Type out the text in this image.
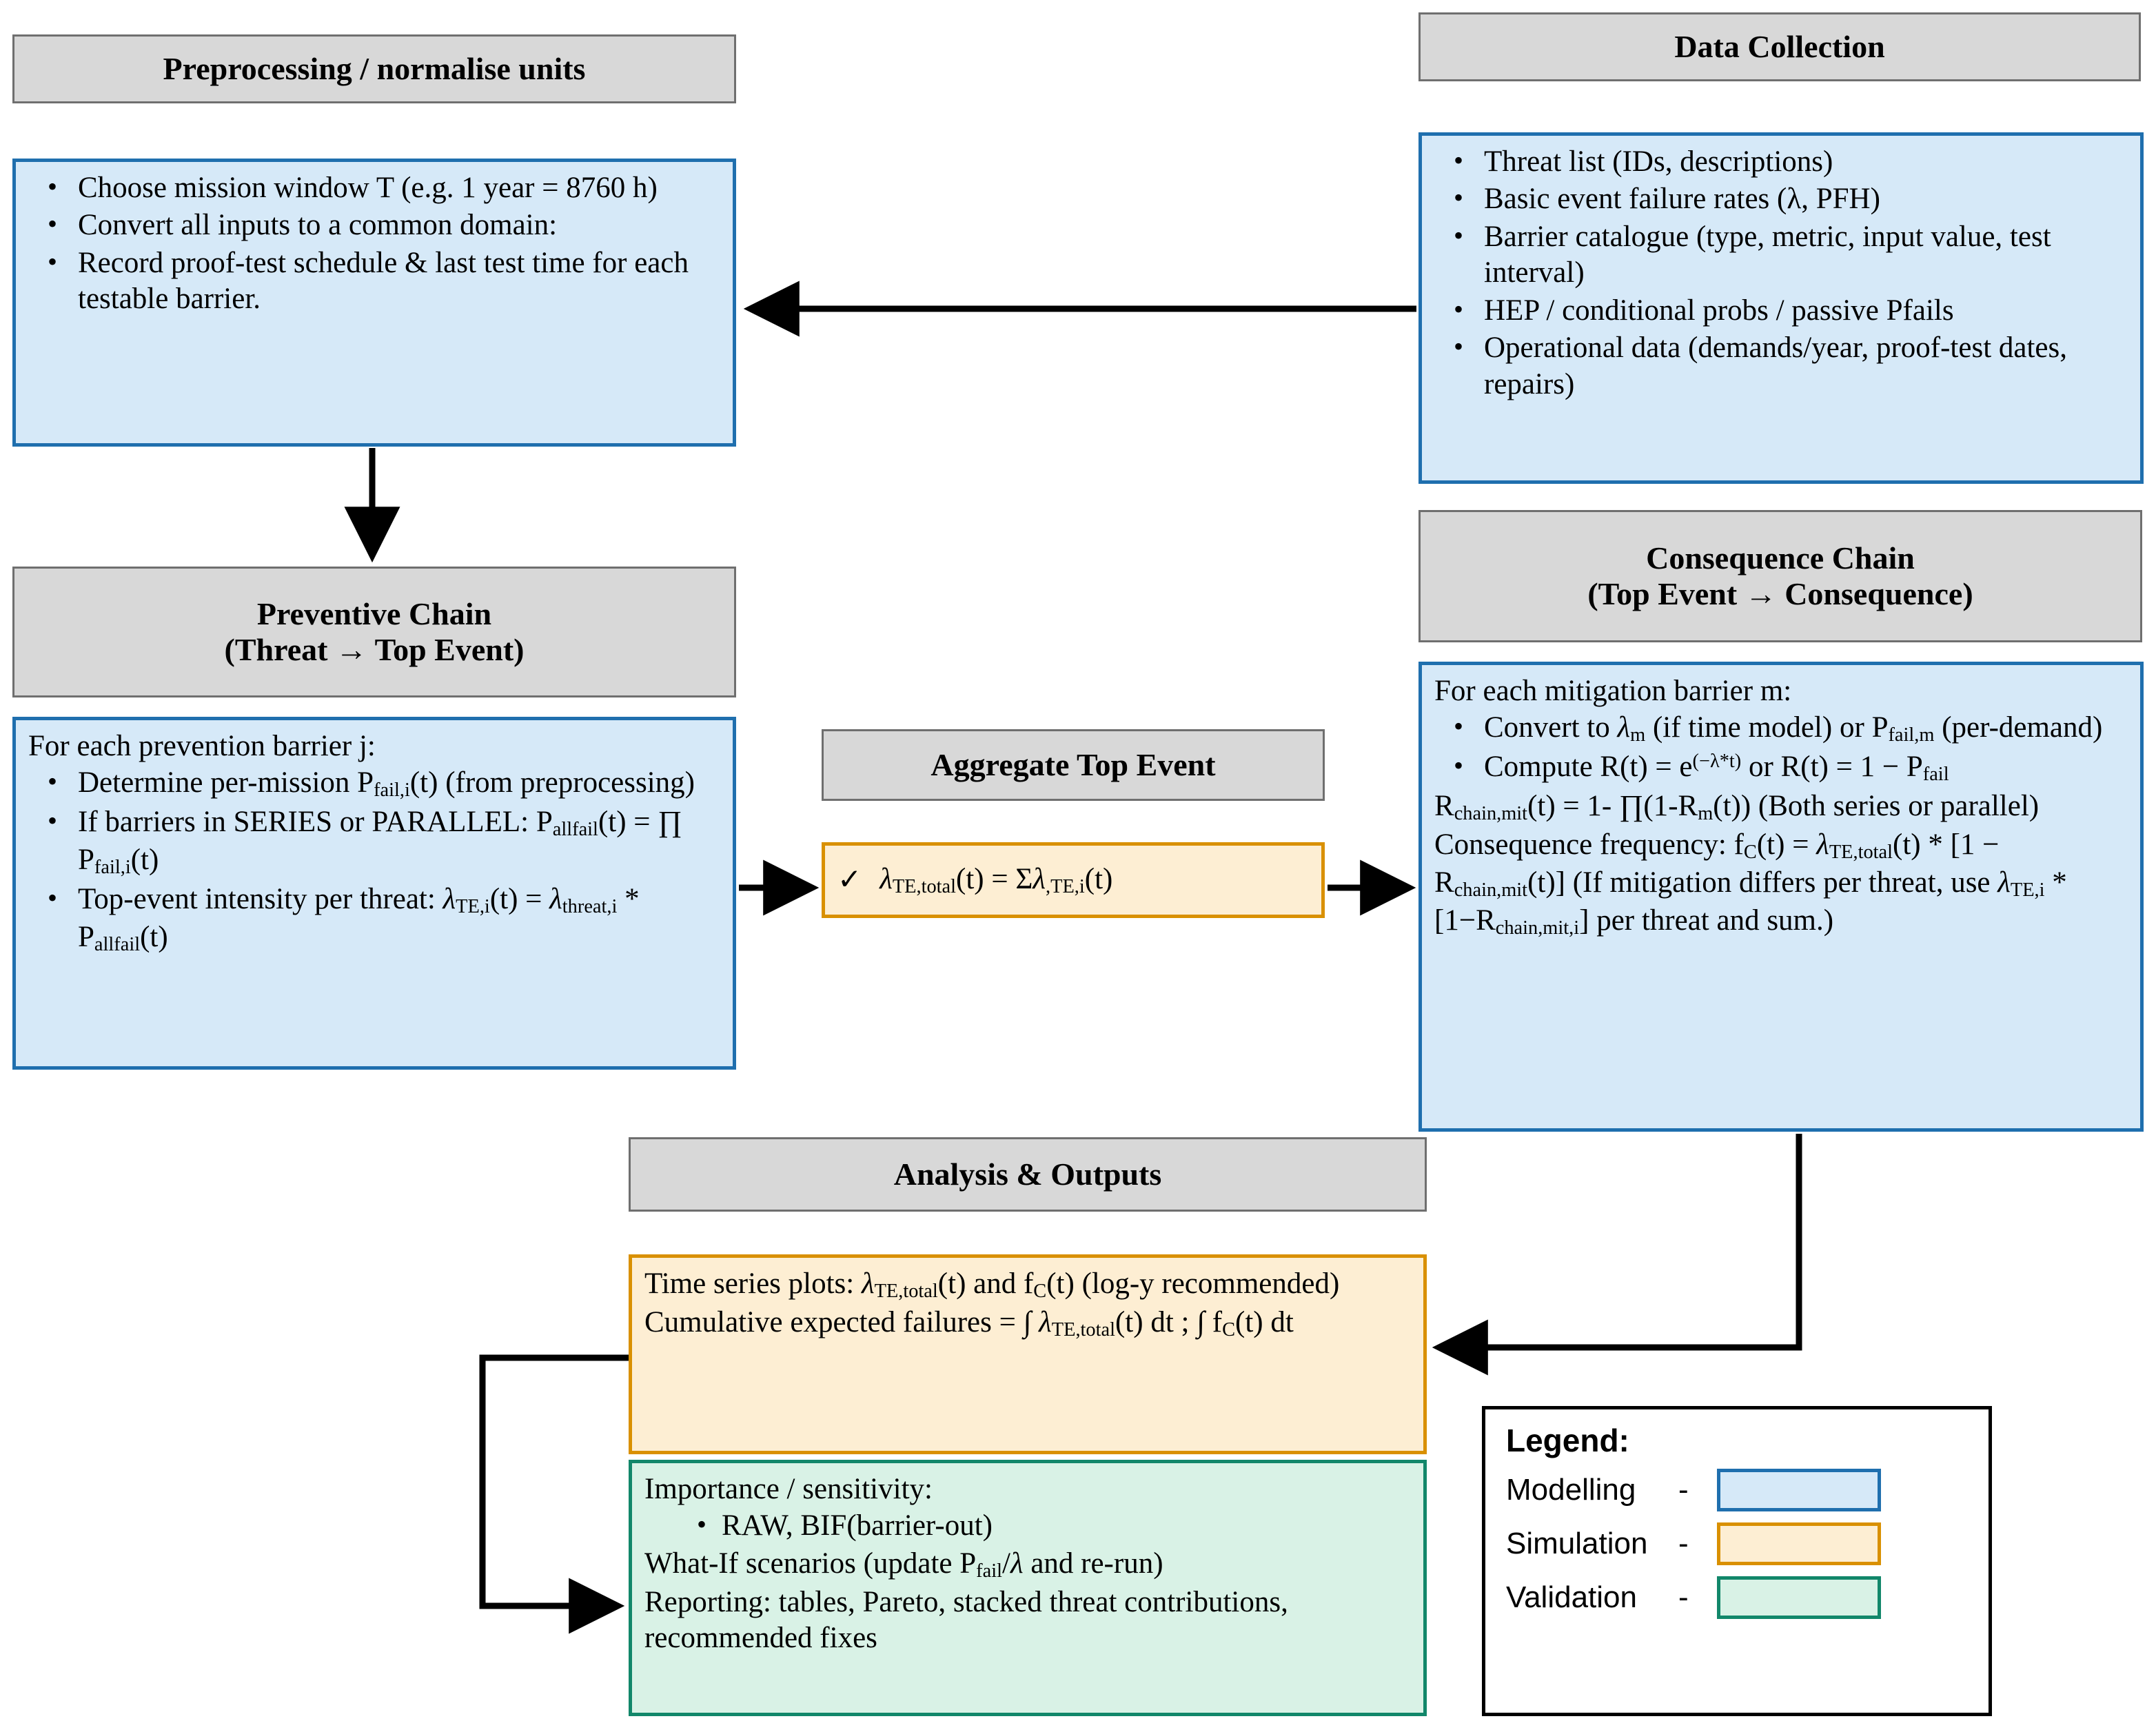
Preprocessing / normalise units
• Choose mission window T (e.g. 1 year = 8760 h)
• Convert all inputs to a common domain:
• Record proof-test schedule & last test time for each testable barrier.
Data Collection
• Threat list (IDs, descriptions)
• Basic event failure rates (λ, PFH)
• Barrier catalogue (type, metric, input value, test interval)
• HEP / conditional probs / passive Pfails
• Operational data (demands/year, proof-test dates, repairs)
Preventive Chain
(Threat → Top Event)

For each prevention barrier j:

• Determine per-mission $P_{fail,i}(t)$ (from preprocessing)
• If barriers in SERIES or PARALLEL: $P_{allfail}(t)$ = ∏ $P_{fail,i}(t)$
• Top-event intensity per threat: $\lambda_{TE,i}(t) = \lambda_{threat,i} * P_{allfail}(t)$
Aggregate Top Event
✓ $\lambda_{TE,total}(t) = \Sigma\lambda_{,TE,i}(t)$
Consequence Chain
(Top Event → Consequence)

For each mitigation barrier m:

• Convert to $\lambda_m$ (if time model) or $P_{fail,m}$ (per-demand)
• Compute $R(t) = e^{(-\lambda*t)}$ or $R(t) = 1 - P_{fail}$

$R_{chain,mit}(t) = 1-$ $\prod(1-R_m(t))$ (Both series or parallel)

Consequence frequency: $f_C(t) = \lambda_{TE,total}(t) * [1 - R_{chain,mit}(t)]$ (If mitigation differs per threat, use $\lambda_{TE,i} * [1-R_{chain,mit,i}]$ per threat and sum.)

Analysis & Outputs

Time series plots: $\lambda_{TE,total}(t)$ and $f_C(t)$ (log-y recommended)

Cumulative expected failures = ∫ $\lambda_{TE,total}(t)$ dt ; ∫ $f_C(t)$ dt

Importance / sensitivity:

• RAW, BIF(barrier-out)

What-If scenarios (update $P_{fail}/\lambda$ and re-run)

Reporting: tables, Pareto, stacked threat contributions, recommended fixes

Legend:
Modelling	-
Simulation	-
Validation	-
